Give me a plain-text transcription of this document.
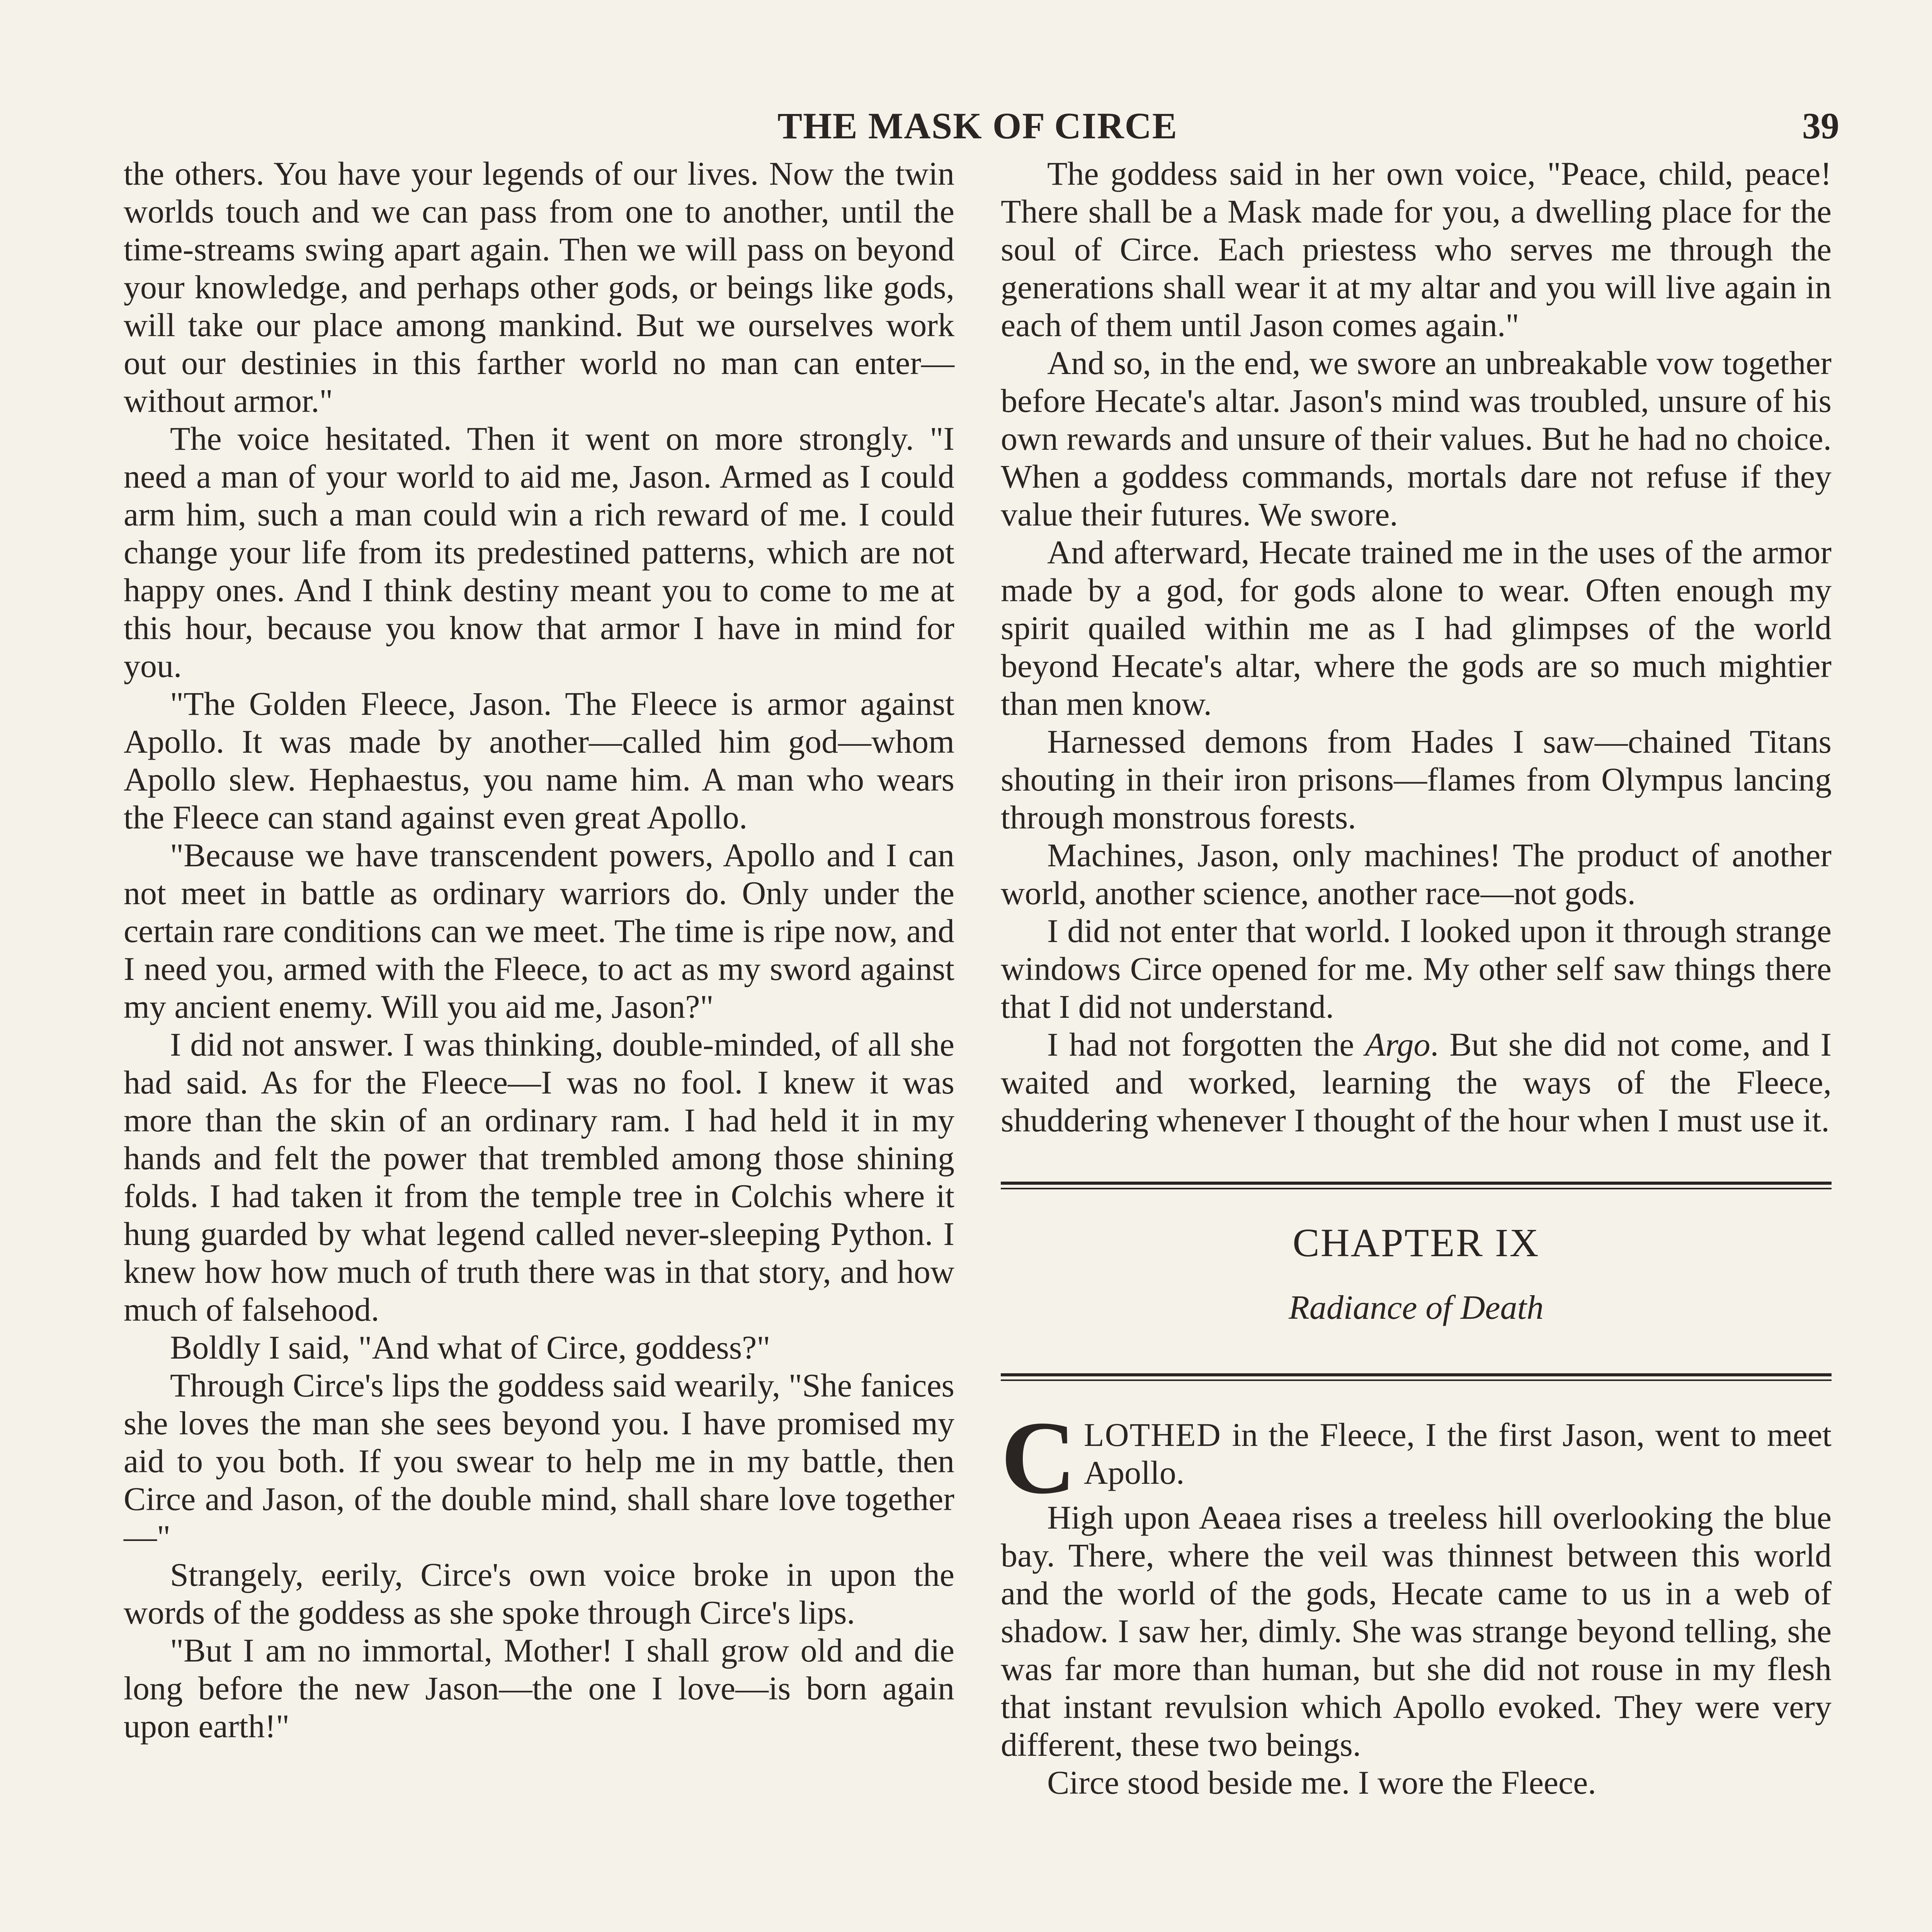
THE MASK OF CIRCE	39

the others. You have your legends of our lives. Now the twin worlds touch and we can pass from one to another, until the time-streams swing apart again. Then we will pass on beyond your knowledge, and perhaps other gods, or beings like gods, will take our place among mankind. But we ourselves work out our destinies in this farther world no man can enter—without armor."

The voice hesitated. Then it went on more strongly. "I need a man of your world to aid me, Jason. Armed as I could arm him, such a man could win a rich reward of me. I could change your life from its predestined patterns, which are not happy ones. And I think destiny meant you to come to me at this hour, because you know that armor I have in mind for you.

"The Golden Fleece, Jason. The Fleece is armor against Apollo. It was made by another—called him god—whom Apollo slew. Hephaestus, you name him. A man who wears the Fleece can stand against even great Apollo.

"Because we have transcendent powers, Apollo and I can not meet in battle as ordinary warriors do. Only under the certain rare conditions can we meet. The time is ripe now, and I need you, armed with the Fleece, to act as my sword against my ancient enemy. Will you aid me, Jason?"

I did not answer. I was thinking, double-minded, of all she had said. As for the Fleece—I was no fool. I knew it was more than the skin of an ordinary ram. I had held it in my hands and felt the power that trembled among those shining folds. I had taken it from the temple tree in Colchis where it hung guarded by what legend called never-sleeping Python. I knew how how much of truth there was in that story, and how much of falsehood.

Boldly I said, "And what of Circe, goddess?"

Through Circe's lips the goddess said wearily, "She fanices she loves the man she sees beyond you. I have promised my aid to you both. If you swear to help me in my battle, then Circe and Jason, of the double mind, shall share love together—"

Strangely, eerily, Circe's own voice broke in upon the words of the goddess as she spoke through Circe's lips.

"But I am no immortal, Mother! I shall grow old and die long before the new Jason—the one I love—is born again upon earth!"

The goddess said in her own voice, "Peace, child, peace! There shall be a Mask made for you, a dwelling place for the soul of Circe. Each priestess who serves me through the generations shall wear it at my altar and you will live again in each of them until Jason comes again."

And so, in the end, we swore an unbreakable vow together before Hecate's altar. Jason's mind was troubled, unsure of his own rewards and unsure of their values. But he had no choice. When a goddess commands, mortals dare not refuse if they value their futures. We swore.

And afterward, Hecate trained me in the uses of the armor made by a god, for gods alone to wear. Often enough my spirit quailed within me as I had glimpses of the world beyond Hecate's altar, where the gods are so much mightier than men know.

Harnessed demons from Hades I saw—chained Titans shouting in their iron prisons—flames from Olympus lancing through monstrous forests.

Machines, Jason, only machines! The product of another world, another science, another race—not gods.

I did not enter that world. I looked upon it through strange windows Circe opened for me. My other self saw things there that I did not understand.

I had not forgotten the Argo. But she did not come, and I waited and worked, learning the ways of the Fleece, shuddering whenever I thought of the hour when I must use it.

CHAPTER IX
Radiance of Death

CLOTHED in the Fleece, I the first Jason, went to meet Apollo.

High upon Aeaea rises a treeless hill overlooking the blue bay. There, where the veil was thinnest between this world and the world of the gods, Hecate came to us in a web of shadow. I saw her, dimly. She was strange beyond telling, she was far more than human, but she did not rouse in my flesh that instant revulsion which Apollo evoked. They were very different, these two beings.

Circe stood beside me. I wore the Fleece.
